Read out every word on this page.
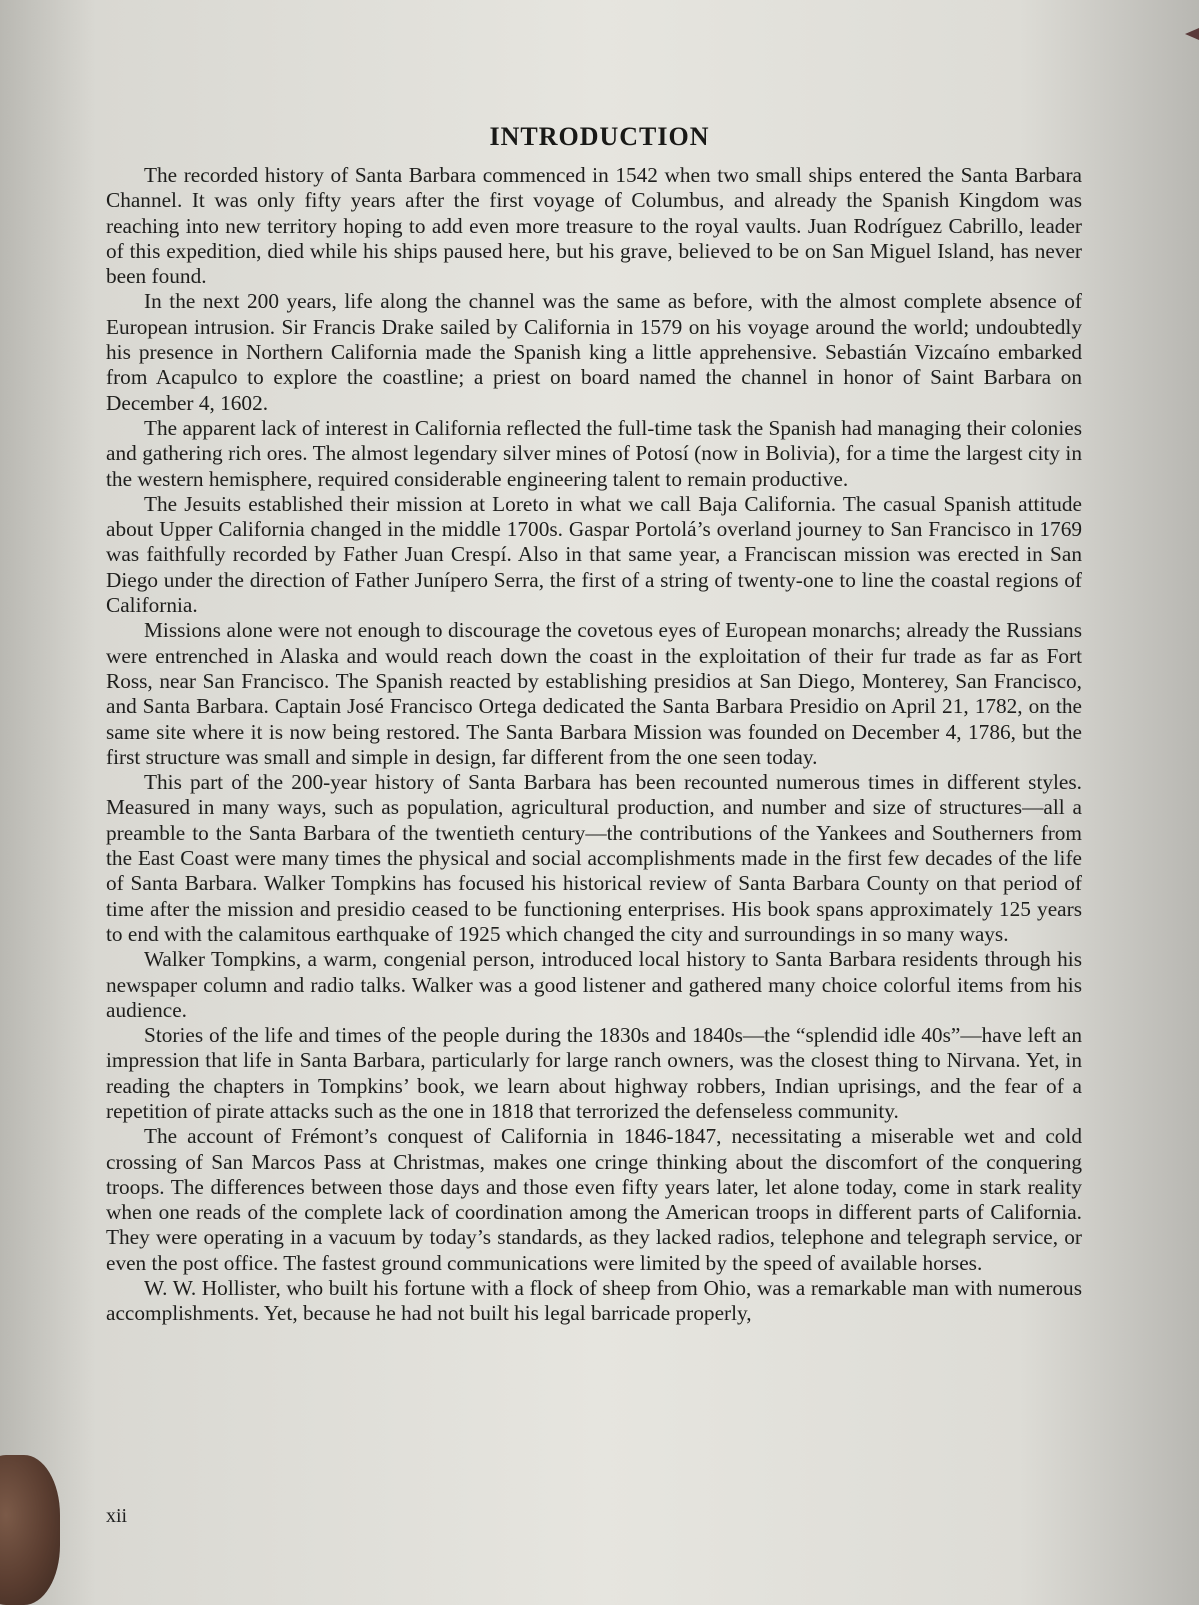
INTRODUCTION

The recorded history of Santa Barbara commenced in 1542 when two small ships entered the Santa Barbara Channel. It was only fifty years after the first voyage of Columbus, and already the Spanish Kingdom was reaching into new territory hoping to add even more treasure to the royal vaults. Juan Rodríguez Cabrillo, leader of this expedition, died while his ships paused here, but his grave, believed to be on San Miguel Island, has never been found.

In the next 200 years, life along the channel was the same as before, with the almost complete absence of European intrusion. Sir Francis Drake sailed by California in 1579 on his voyage around the world; undoubtedly his presence in Northern California made the Spanish king a little apprehensive. Sebastián Vizcaíno embarked from Acapulco to explore the coastline; a priest on board named the channel in honor of Saint Barbara on December 4, 1602.

The apparent lack of interest in California reflected the full-time task the Spanish had managing their colonies and gathering rich ores. The almost legendary silver mines of Potosí (now in Bolivia), for a time the largest city in the western hemisphere, required considerable engineering talent to remain productive.

The Jesuits established their mission at Loreto in what we call Baja California. The casual Spanish attitude about Upper California changed in the middle 1700s. Gaspar Portolá’s overland journey to San Francisco in 1769 was faithfully recorded by Father Juan Crespí. Also in that same year, a Franciscan mission was erected in San Diego under the direction of Father Junípero Serra, the first of a string of twenty-one to line the coastal regions of California.

Missions alone were not enough to discourage the covetous eyes of European monarchs; already the Russians were entrenched in Alaska and would reach down the coast in the exploitation of their fur trade as far as Fort Ross, near San Francisco. The Spanish reacted by establishing presidios at San Diego, Monterey, San Francisco, and Santa Barbara. Captain José Francisco Ortega dedicated the Santa Barbara Presidio on April 21, 1782, on the same site where it is now being restored. The Santa Barbara Mission was founded on December 4, 1786, but the first structure was small and simple in design, far different from the one seen today.

This part of the 200-year history of Santa Barbara has been recounted numerous times in different styles. Measured in many ways, such as population, agricultural production, and number and size of structures—all a preamble to the Santa Barbara of the twentieth century—the contributions of the Yankees and Southerners from the East Coast were many times the physical and social accomplishments made in the first few decades of the life of Santa Barbara. Walker Tompkins has focused his historical review of Santa Barbara County on that period of time after the mission and presidio ceased to be functioning enterprises. His book spans approximately 125 years to end with the calamitous earthquake of 1925 which changed the city and surroundings in so many ways.

Walker Tompkins, a warm, congenial person, introduced local history to Santa Barbara residents through his newspaper column and radio talks. Walker was a good listener and gathered many choice colorful items from his audience.

Stories of the life and times of the people during the 1830s and 1840s—the “splendid idle 40s”—have left an impression that life in Santa Barbara, particularly for large ranch owners, was the closest thing to Nirvana. Yet, in reading the chapters in Tompkins’ book, we learn about highway robbers, Indian uprisings, and the fear of a repetition of pirate attacks such as the one in 1818 that terrorized the defenseless community.

The account of Frémont’s conquest of California in 1846-1847, necessitating a miserable wet and cold crossing of San Marcos Pass at Christmas, makes one cringe thinking about the discomfort of the conquering troops. The differences between those days and those even fifty years later, let alone today, come in stark reality when one reads of the complete lack of coordination among the American troops in different parts of California. They were operating in a vacuum by today’s standards, as they lacked radios, telephone and telegraph service, or even the post office. The fastest ground communications were limited by the speed of available horses.

W. W. Hollister, who built his fortune with a flock of sheep from Ohio, was a remarkable man with numerous accomplishments. Yet, because he had not built his legal barricade properly,

xii
